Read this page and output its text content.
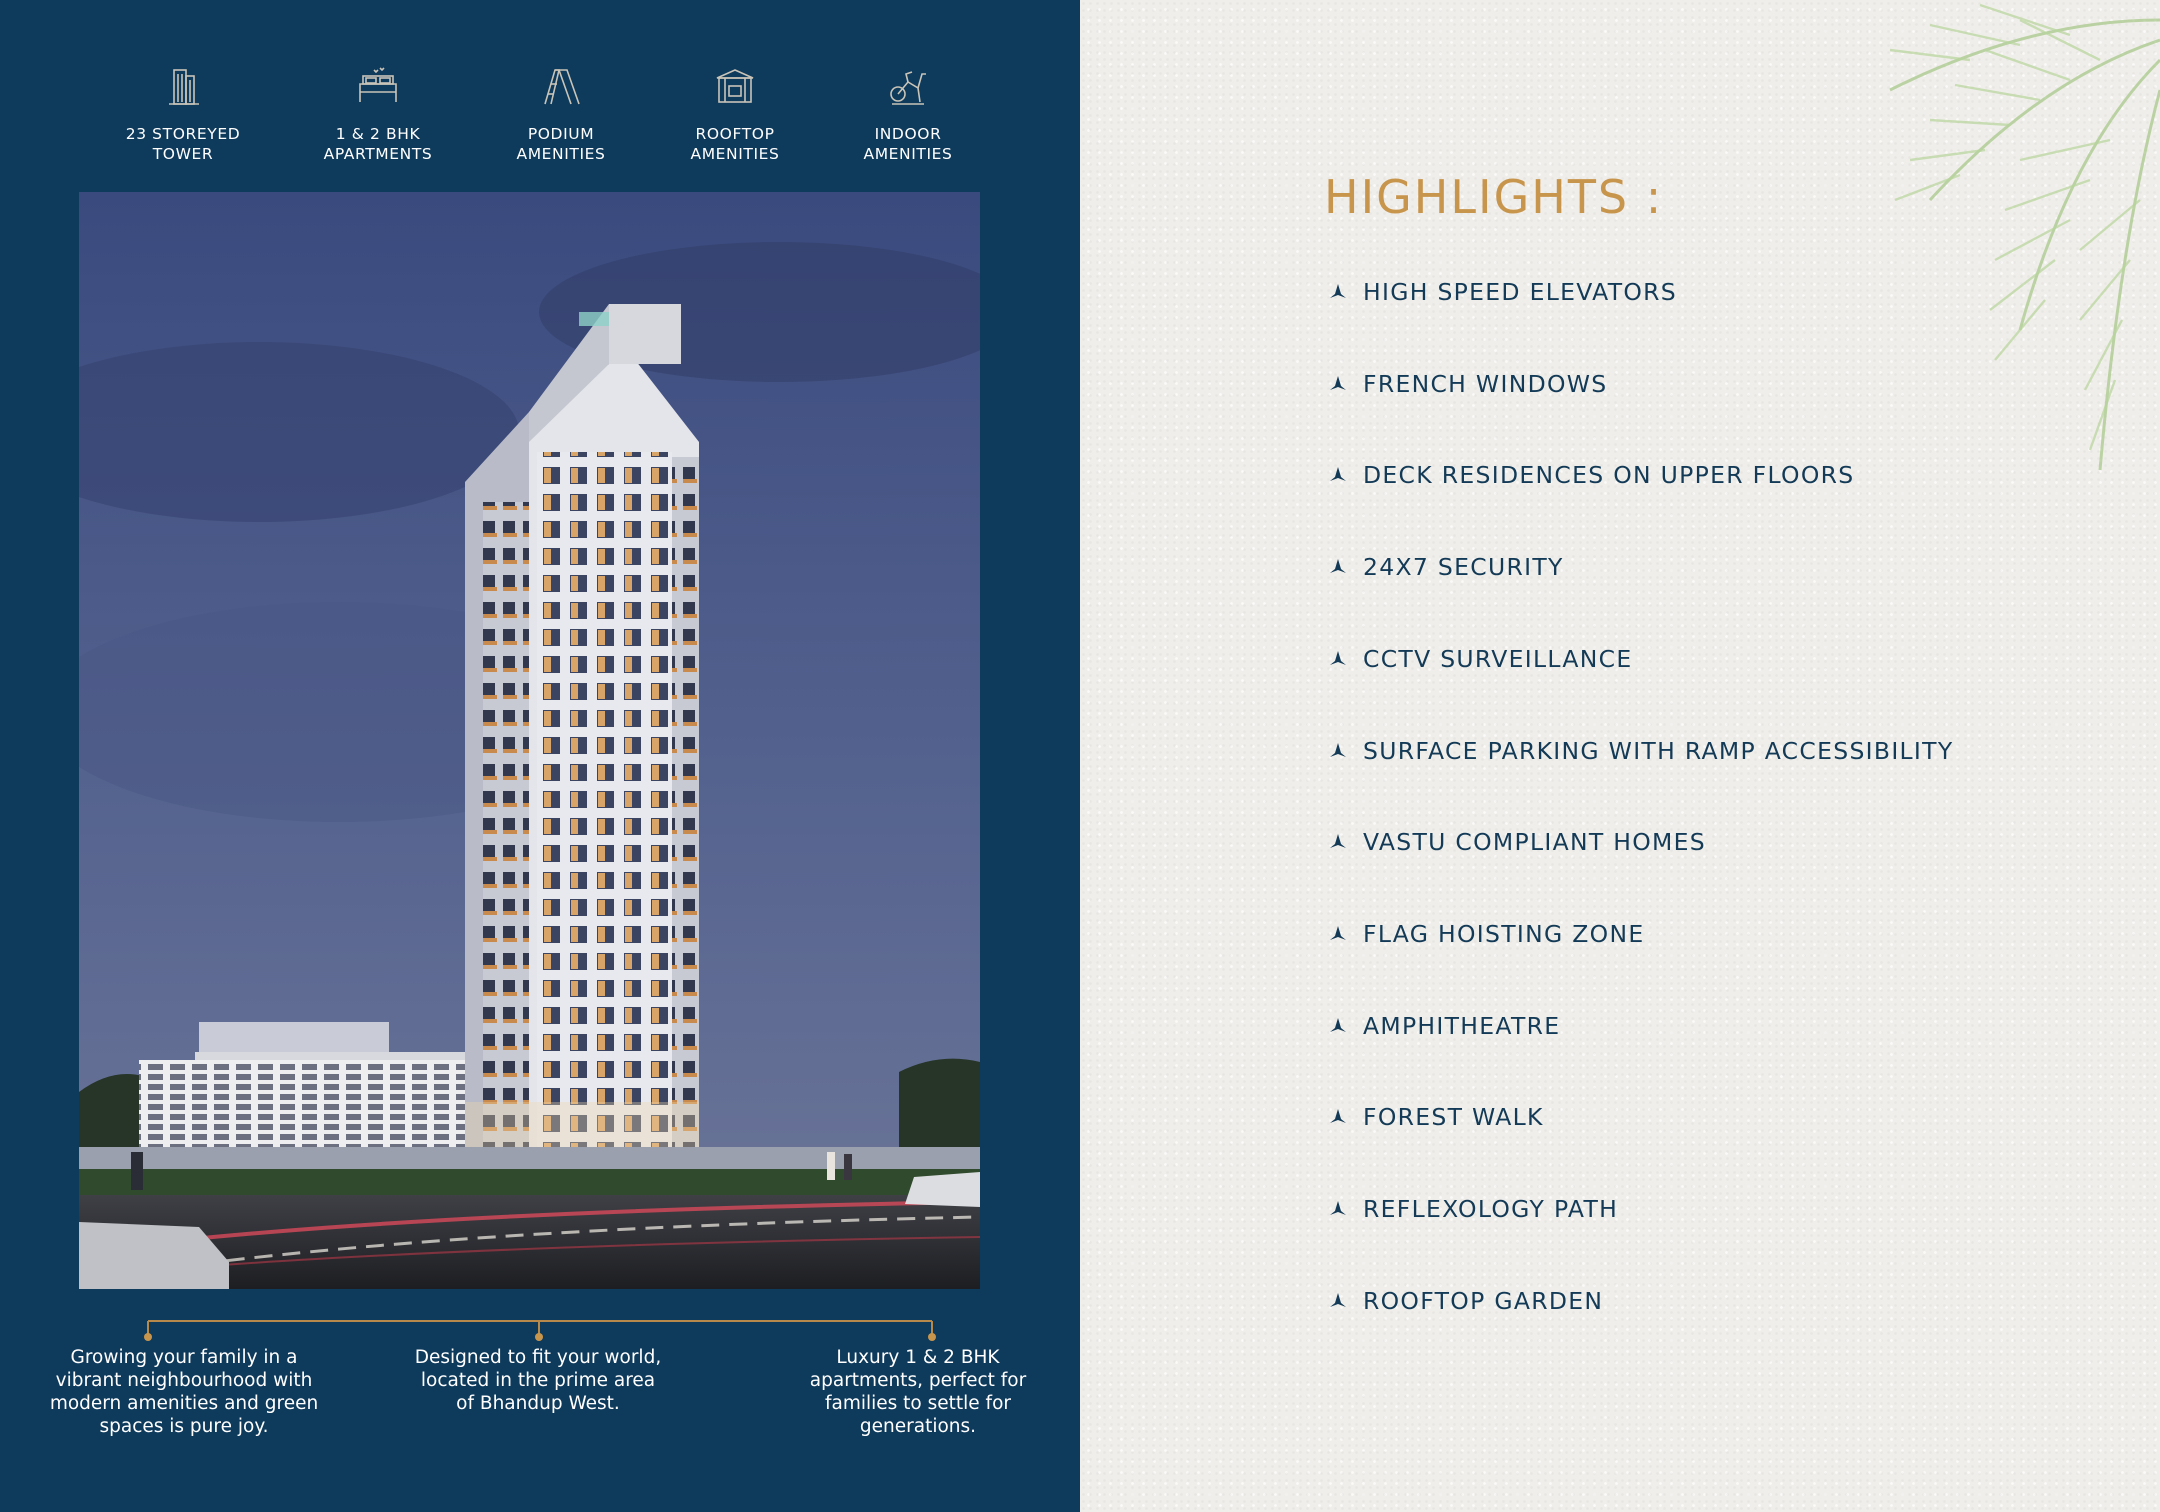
23 STOREYED
TOWER
1 & 2 BHK
APARTMENTS
PODIUM
AMENITIES
ROOFTOP
AMENITIES
INDOOR
AMENITIES
Growing your family in a
vibrant neighbourhood with
modern amenities and green
spaces is pure joy.
Designed to fit your world,
located in the prime area
of Bhandup West.
Luxury 1 & 2 BHK
apartments, perfect for
families to settle for
generations.
HIGHLIGHTS :
HIGH SPEED ELEVATORS
FRENCH WINDOWS
DECK RESIDENCES ON UPPER FLOORS
24X7 SECURITY
CCTV SURVEILLANCE
SURFACE PARKING WITH RAMP ACCESSIBILITY
VASTU COMPLIANT HOMES
FLAG HOISTING ZONE
AMPHITHEATRE
FOREST WALK
REFLEXOLOGY PATH
ROOFTOP GARDEN
